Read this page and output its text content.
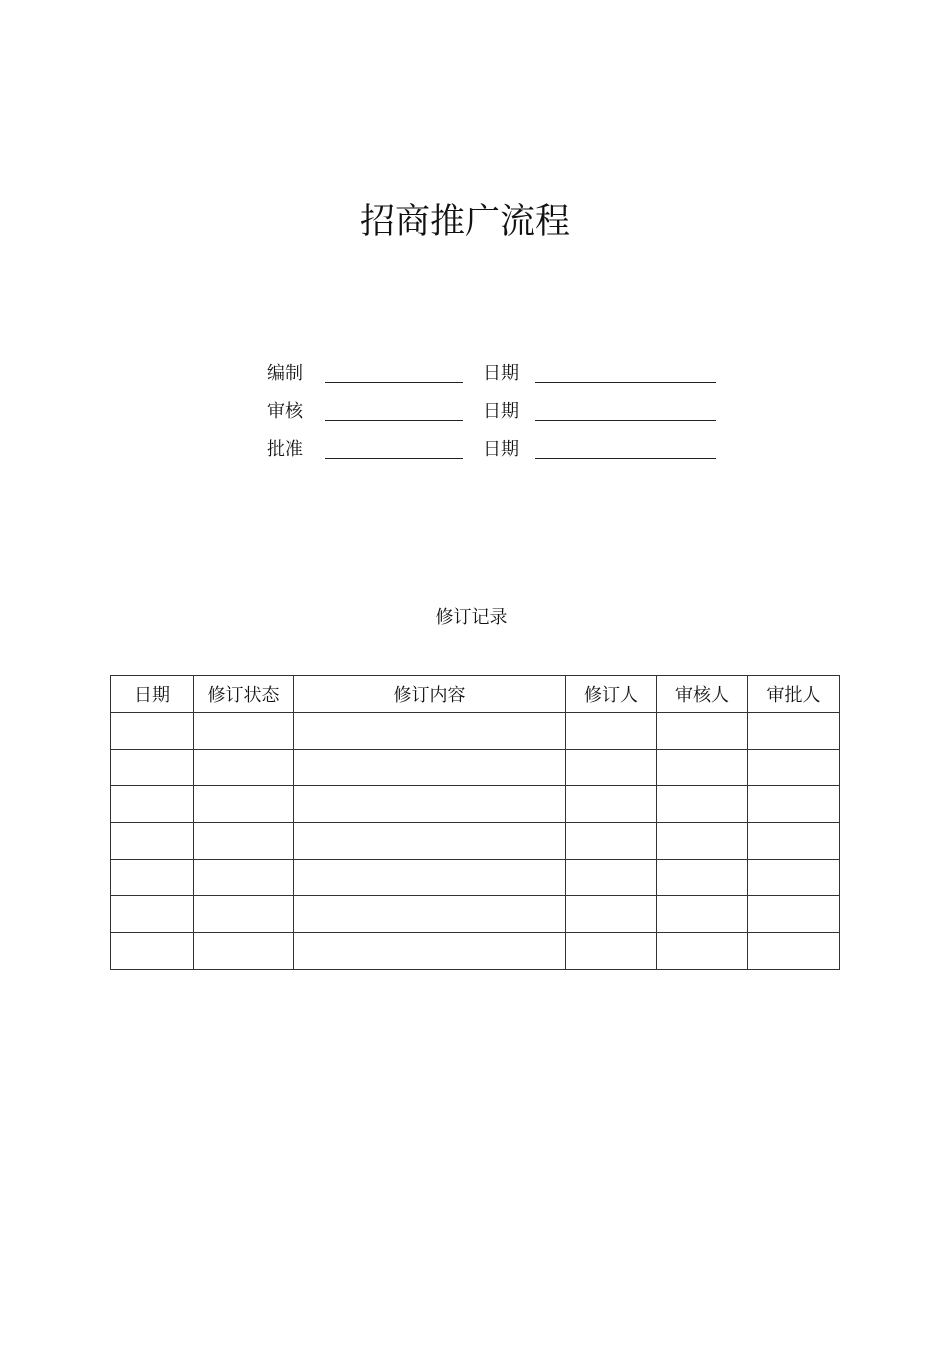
招商推广流程
编制	日期
审核	日期
批准	日期
修订记录
日期	修订状态	修订内容	修订人	审核人	审批人
